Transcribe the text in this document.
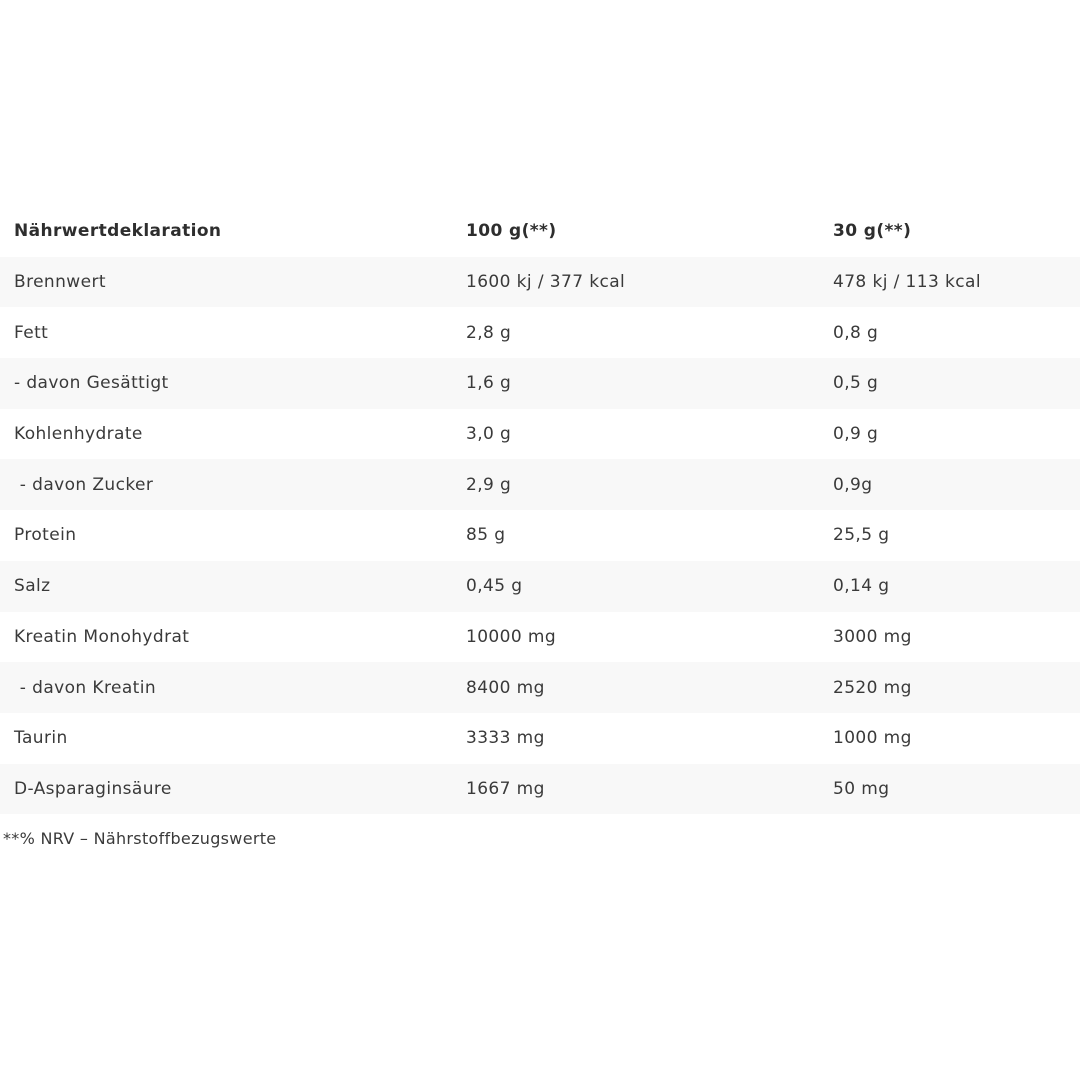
Nährwertdeklaration	100 g(**)	30 g(**)
Brennwert	1600 kj / 377 kcal	478 kj / 113 kcal
Fett	2,8 g	0,8 g
- davon Gesättigt	1,6 g	0,5 g
Kohlenhydrate	3,0 g	0,9 g
- davon Zucker	2,9 g	0,9g
Protein	85 g	25,5 g
Salz	0,45 g	0,14 g
Kreatin Monohydrat	10000 mg	3000 mg
- davon Kreatin	8400 mg	2520 mg
Taurin	3333 mg	1000 mg
D-Asparaginsäure	1667 mg	50 mg
**% NRV – Nährstoffbezugswerte
